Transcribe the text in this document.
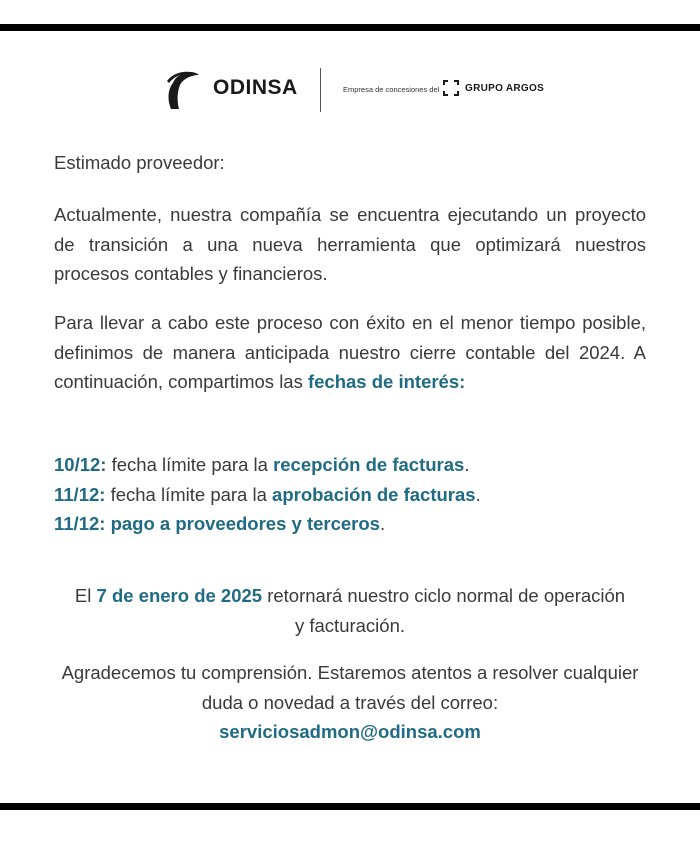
ODINSA	Empresa de concesiones del	GRUPO ARGOS
Estimado proveedor:

Actualmente, nuestra compañía se encuentra ejecutando un proyecto de transición a una nueva herramienta que optimizará nuestros procesos contables y financieros.

Para llevar a cabo este proceso con éxito en el menor tiempo posible, definimos de manera anticipada nuestro cierre contable del 2024. A continuación, compartimos las fechas de interés:

10/12: fecha límite para la recepción de facturas.

11/12: fecha límite para la aprobación de facturas.

11/12: pago a proveedores y terceros.

El 7 de enero de 2025 retornará nuestro ciclo normal de operación y facturación.
Agradecemos tu comprensión. Estaremos atentos a resolver cualquier duda o novedad a través del correo:
serviciosadmon@odinsa.com
